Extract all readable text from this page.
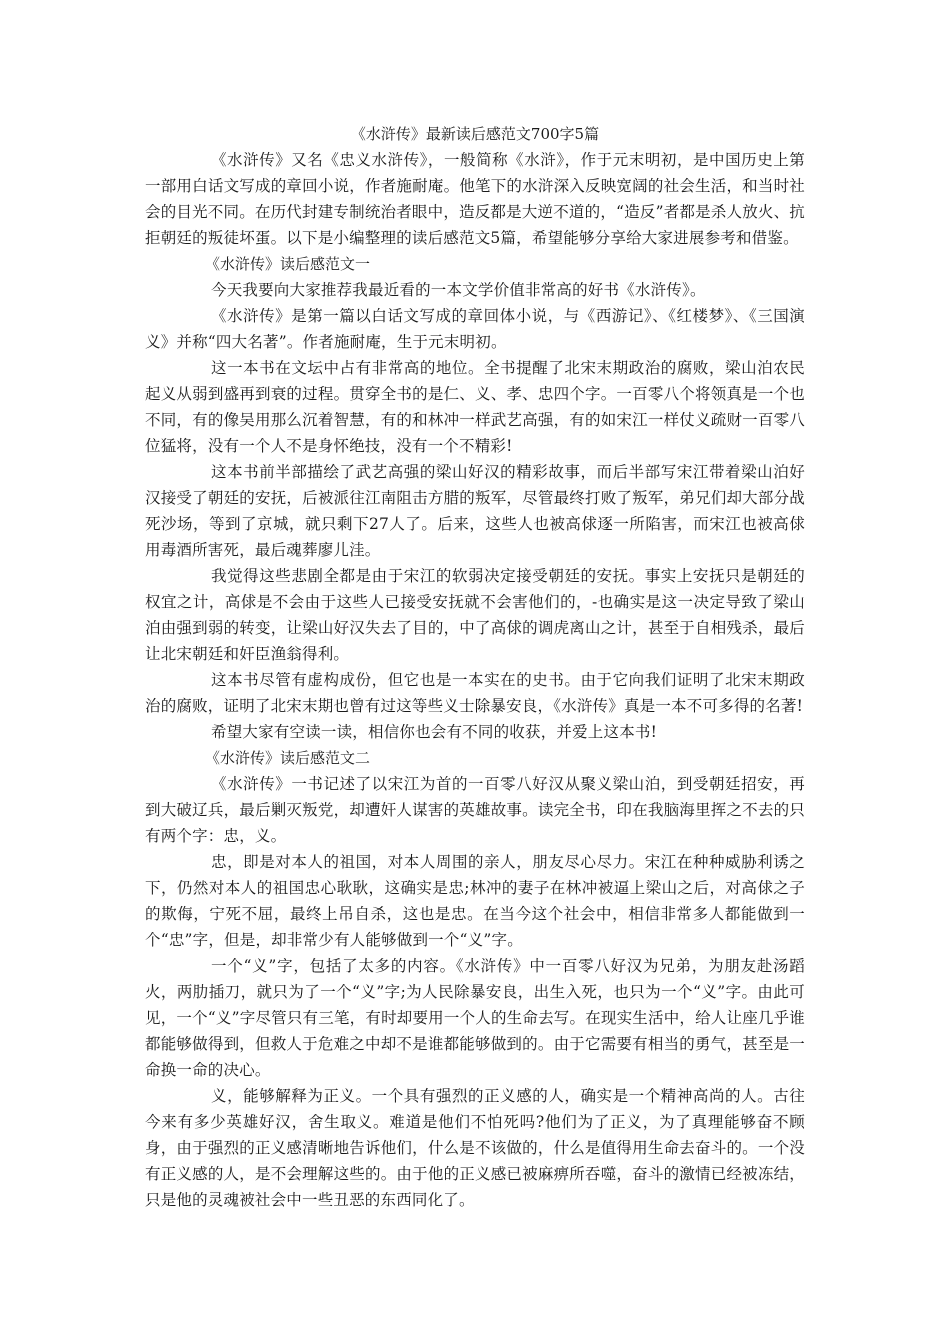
《水浒传》最新读后感范文700字5篇

《水浒传》又名《忠义水浒传》，一般简称《水浒》，作于元末明初，是中国历史上第一部用白话文写成的章回小说，作者施耐庵。他笔下的水浒深入反映宽阔的社会生活，和当时社会的目光不同。在历代封建专制统治者眼中，造反都是大逆不道的，“造反”者都是杀人放火、抗拒朝廷的叛徒坏蛋。以下是小编整理的读后感范文5篇，希望能够分享给大家进展参考和借鉴。

《水浒传》读后感范文一

今天我要向大家推荐我最近看的一本文学价值非常高的好书《水浒传》。

《水浒传》是第一篇以白话文写成的章回体小说，与《西游记》、《红楼梦》、《三国演义》并称“四大名著”。作者施耐庵，生于元末明初。

这一本书在文坛中占有非常高的地位。全书提醒了北宋末期政治的腐败，梁山泊农民起义从弱到盛再到衰的过程。贯穿全书的是仁、义、孝、忠四个字。一百零八个将领真是一个也不同，有的像吴用那么沉着智慧，有的和林冲一样武艺高强，有的如宋江一样仗义疏财一百零八位猛将，没有一个人不是身怀绝技，没有一个不精彩!

这本书前半部描绘了武艺高强的梁山好汉的精彩故事，而后半部写宋江带着梁山泊好汉接受了朝廷的安抚，后被派往江南阻击方腊的叛军，尽管最终打败了叛军，弟兄们却大部分战死沙场，等到了京城，就只剩下27人了。后来，这些人也被高俅逐一所陷害，而宋江也被高俅用毒酒所害死，最后魂葬廖儿洼。

我觉得这些悲剧全都是由于宋江的软弱决定接受朝廷的安抚。事实上安抚只是朝廷的权宜之计，高俅是不会由于这些人已接受安抚就不会害他们的，-也确实是这一决定导致了梁山泊由强到弱的转变，让梁山好汉失去了目的，中了高俅的调虎离山之计，甚至于自相残杀，最后让北宋朝廷和奸臣渔翁得利。

这本书尽管有虚构成份，但它也是一本实在的史书。由于它向我们证明了北宋末期政治的腐败，证明了北宋末期也曾有过这等些义士除暴安良，《水浒传》真是一本不可多得的名著!

希望大家有空读一读，相信你也会有不同的收获，并爱上这本书!

《水浒传》读后感范文二

《水浒传》一书记述了以宋江为首的一百零八好汉从聚义梁山泊，到受朝廷招安，再到大破辽兵，最后剿灭叛党，却遭奸人谋害的英雄故事。读完全书，印在我脑海里挥之不去的只有两个字：忠，义。

忠，即是对本人的祖国，对本人周围的亲人，朋友尽心尽力。宋江在种种威胁利诱之下，仍然对本人的祖国忠心耿耿，这确实是忠;林冲的妻子在林冲被逼上梁山之后，对高俅之子的欺侮，宁死不屈，最终上吊自杀，这也是忠。在当今这个社会中，相信非常多人都能做到一个“忠”字，但是，却非常少有人能够做到一个“义”字。

一个“义”字，包括了太多的内容。《水浒传》中一百零八好汉为兄弟，为朋友赴汤蹈火，两肋插刀，就只为了一个“义”字;为人民除暴安良，出生入死，也只为一个“义”字。由此可见，一个“义”字尽管只有三笔，有时却要用一个人的生命去写。在现实生活中，给人让座几乎谁都能够做得到，但救人于危难之中却不是谁都能够做到的。由于它需要有相当的勇气，甚至是一命换一命的决心。

义，能够解释为正义。一个具有强烈的正义感的人，确实是一个精神高尚的人。古往今来有多少英雄好汉，舍生取义。难道是他们不怕死吗?他们为了正义，为了真理能够奋不顾身，由于强烈的正义感清晰地告诉他们，什么是不该做的，什么是值得用生命去奋斗的。一个没有正义感的人，是不会理解这些的。由于他的正义感已被麻痹所吞噬，奋斗的激情已经被冻结，只是他的灵魂被社会中一些丑恶的东西同化了。
